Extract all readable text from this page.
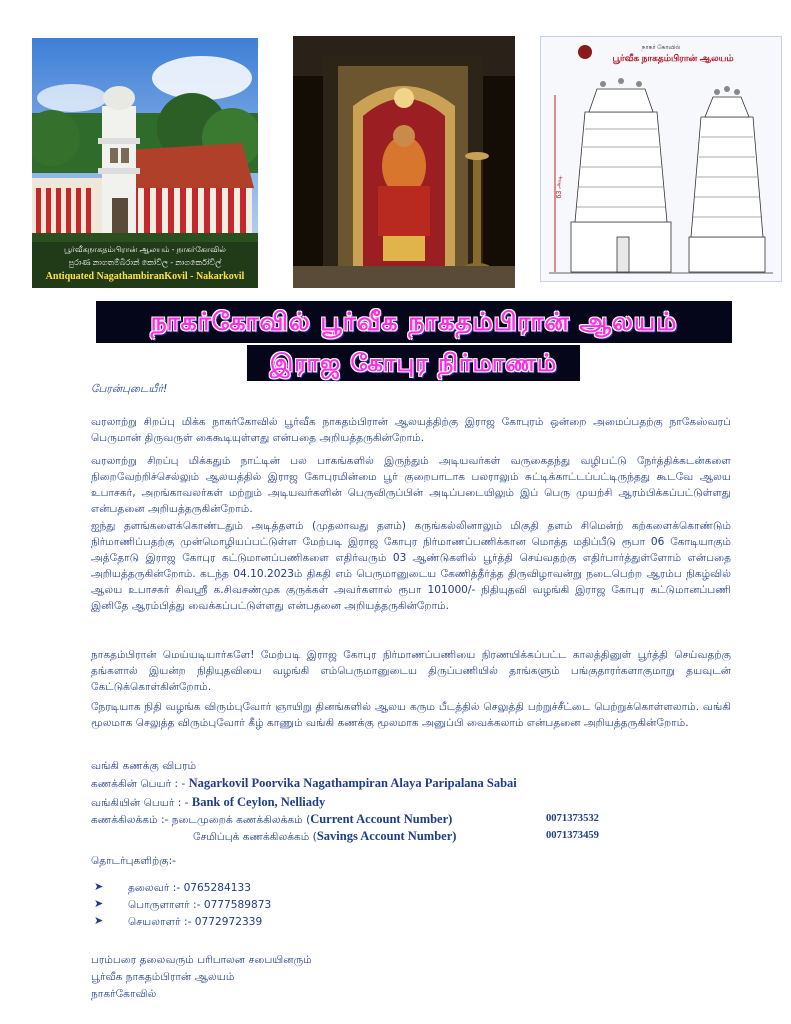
பூர்வீகநாகதம்பிரான் ஆலயம் - நாகர்கோவில்
පුරාණ නාගතම්බිරාන් කෝවිල - නාගර්කෝවිල්
Antiquated NagathambiranKovil - Nakarkovil
நாகர் கோவில்
பூர்வீக நாகதம்பிரான் ஆலயம்
63 அடி
நாகர்கோவில் பூர்வீக நாகதம்பிரான் ஆலயம்
இராஜ கோபுர நிர்மாணம்
பேரன்புடையீர்!
வரலாற்று சிறப்பு மிக்க நாகர்கோவில் பூர்வீக நாகதம்பிரான் ஆலயத்திற்கு இராஜ கோபுரம் ஒன்றை அமைப்பதற்கு நாகேஸ்வரப் பெருமான் திருவருள் கைகூடியுள்ளது என்பதை அறியத்தருகின்றோம்.
வரலாற்று சிறப்பு மிக்கதும் நாட்டின் பல பாகங்களில் இருந்தும் அடியவர்கள் வருகைதந்து வழிபட்டு நேர்த்திக்கடன்களை நிறைவேற்றிச்செல்லும் ஆலயத்தில் இராஜ கோபுரமின்மை பூர் குறைபாடாக பலராலும் சுட்டிக்காட்டப்பட்டிருந்தது கூடவே ஆலய உபாசகர், அறங்காவலர்கள் மற்றும் அடியவர்களின் பெருவிருப்பின் அடிப்படையிலும் இப் பெரு முயற்சி ஆரம்பிக்கப்பட்டுள்ளது என்பதனை அறியத்தருகின்றோம்.
ஐந்து தளங்களைக்கொண்டதும் அடித்தளம் (முதலாவது தளம்) கருங்கல்லினாலும் மிகுதி தளம் சிமென்ற் கற்களைக்கொண்டும் நிர்மாணிப்பதற்கு முன்மொழியப்பட்டுள்ள மேற்படி இராஜ கோபுர நிர்மாணப்பணிக்கான மொத்த மதிப்பீடு ரூபா 06 கோடியாகும் அத்தோடு இராஜ கோபுர கட்டுமானப்பணிகளை எதிர்வரும் 03 ஆண்டுகளில் பூர்த்தி செய்வதற்கு எதிர்பார்த்துள்ளோம் என்பதை அறியத்தருகின்றோம். கடந்த 04.10.2023ம் திகதி எம் பெருமானுடைய கேணித்தீர்த்த திருவிழாவன்று நடைபெற்ற ஆரம்ப நிகழ்வில் ஆலய உபாசகர் சிவஸ்ரீ க.சிவசண்முக குருக்கள் அவர்களால் ரூபா 101000/- நிதியுதவி வழங்கி இராஜ கோபுர கட்டுமானப்பணி இனிதே ஆரம்பித்து வைக்கப்பட்டுள்ளது என்பதனை அறியத்தருகின்றோம்.
நாகதம்பிரான் மெய்யடியார்களே! மேற்படி இராஜ கோபுர நிர்மாணப்பணியை நிரணயிக்கப்பட்ட காலத்தினுள் பூர்த்தி செய்வதற்கு தங்களால் இயன்ற நிதியுதவியை வழங்கி எம்பெருமானுடைய திருப்பணியில் தாங்களும் பங்குதாரர்களாகுமாறு தயவுடன் கேட்டுக்கொள்கின்றோம்.
நேரடியாக நிதி வழங்க விரும்புவோர் ஞாயிறு தினங்களில் ஆலய கரும பீடத்தில் செலுத்தி பற்றுச்சீட்டை பெற்றுக்கொள்ளலாம். வங்கி மூலமாக செலுத்த விரும்புவோர் கீழ் காணும் வங்கி கணக்கு மூலமாக அனுப்பி வைக்கலாம் என்பதனை அறியத்தருகின்றோம்.
வங்கி கணக்கு விபரம்
கணக்கின் பெயர் : - Nagarkovil Poorvika Nagathampiran Alaya Paripalana Sabai
வங்கியின் பெயர் : - Bank of Ceylon, Nelliady
கணக்கிலக்கம் :- நடைமுறைக் கணக்கிலக்கம் (Current Account Number)	0071373532
சேமிப்புக் கணக்கிலக்கம் (Savings Account Number)	0071373459
தொடர்புகளிற்கு:-
➤ தலைவர் :- 0765284133
➤ பொருளாளர் :- 0777589873
➤ செயலாளர் :- 0772972339
பரம்பரை தலைவரும் பரிபாலன சபையினரும்
பூர்வீக நாகதம்பிரான் ஆலயம்
நாகர்கோவில்
